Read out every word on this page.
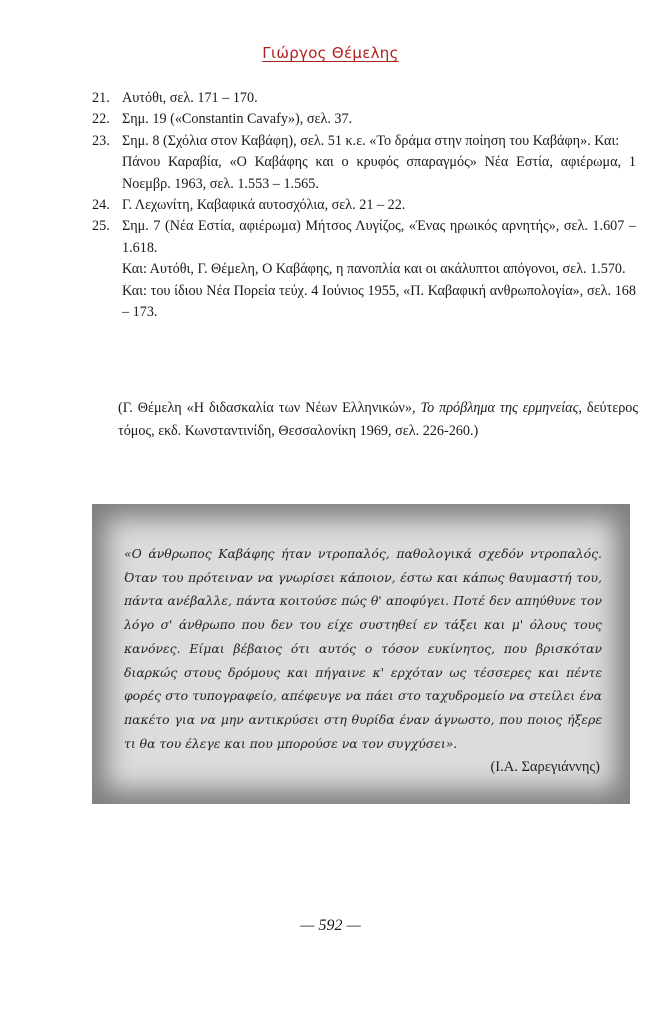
Γιώργος Θέμελης
21. Αυτόθι, σελ. 171 – 170.
22. Σημ. 19 («Constantin Cavafy»), σελ. 37.
23. Σημ. 8 (Σχόλια στον Καβάφη), σελ. 51 κ.ε. «Το δράμα στην ποίηση του Καβάφη». Και:
Πάνου Καραβία, «Ο Καβάφης και ο κρυφός σπαραγμός» Νέα Εστία, αφιέρωμα, 1 Νοεμβρ. 1963, σελ. 1.553 – 1.565.
24. Γ. Λεχωνίτη, Καβαφικά αυτοσχόλια, σελ. 21 – 22.
25. Σημ. 7 (Νέα Εστία, αφιέρωμα) Μήτσος Λυγίζος, «Ένας ηρωικός αρνητής», σελ. 1.607 – 1.618.
Και: Αυτόθι, Γ. Θέμελη, Ο Καβάφης, η πανοπλία και οι ακάλυπτοι απόγονοι, σελ. 1.570.
Και: του ίδιου Νέα Πορεία τεύχ. 4 Ιούνιος 1955, «Π. Καβαφική ανθρωπολογία», σελ. 168 – 173.
(Γ. Θέμελη «Η διδασκαλία των Νέων Ελληνικών», Το πρόβλημα της ερμηνείας, δεύτερος τόμος, εκδ. Κωνσταντινίδη, Θεσσαλονίκη 1969, σελ. 226-260.)
«Ο άνθρωπος Καβάφης ήταν ντροπαλός, παθολογικά σχεδόν ντροπαλός. Όταν του πρότειναν να γνωρίσει κάποιον, έστω και κάπως θαυμαστή του, πάντα ανέβαλλε, πάντα κοιτούσε πώς θ' αποφύγει. Ποτέ δεν απηύθυνε τον λόγο σ' άνθρωπο που δεν του είχε συστηθεί εν τάξει και μ' όλους τους κανόνες. Είμαι βέβαιος ότι αυτός ο τόσον ευκίνητος, που βρισκόταν διαρκώς στους δρόμους και πήγαινε κ' ερχόταν ως τέσσερες και πέντε φορές στο τυπογραφείο, απέφευγε να πάει στο ταχυδρομείο να στείλει ένα πακέτο για να μην αντικρύσει στη θυρίδα έναν άγνωστο, που ποιος ήξερε τι θα του έλεγε και που μπορούσε να τον συγχύσει».
(Ι.Α. Σαρεγιάννης)
— 592 —
